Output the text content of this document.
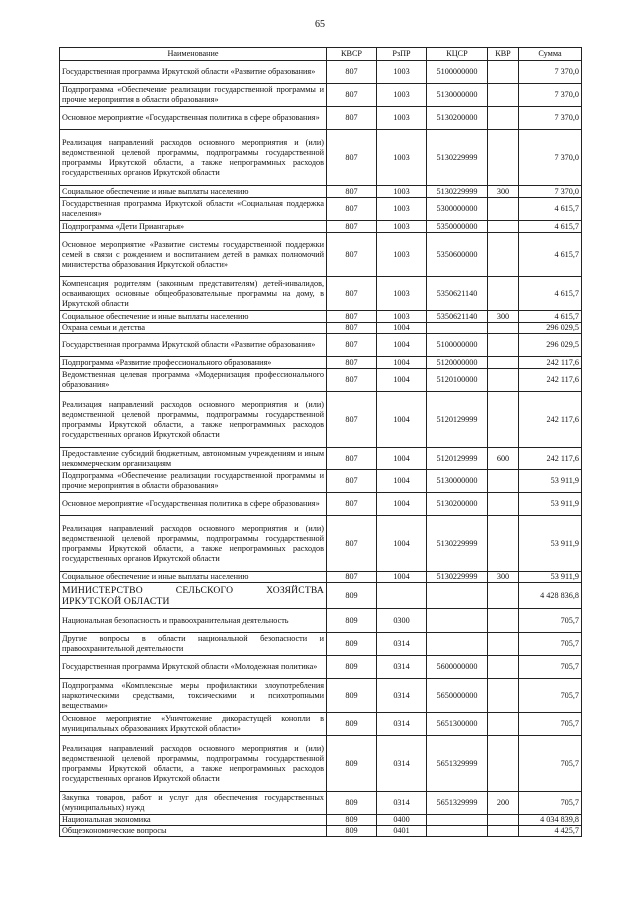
65
Наименование	КВСР	РзПР	КЦСР	КВР	Сумма
Государственная программа Иркутской области «Развитие образования»	807	1003	5100000000		7 370,0
Подпрограмма «Обеспечение реализации государственной программы и прочие мероприятия в области образования»	807	1003	5130000000		7 370,0
Основное мероприятие «Государственная политика в сфере образования»	807	1003	5130200000		7 370,0
Реализация направлений расходов основного мероприятия и (или) ведомственной целевой программы, подпрограммы государственной программы Иркутской области, а также непрограммных расходов государственных органов Иркутской области	807	1003	5130229999		7 370,0
Социальное обеспечение и иные выплаты населению	807	1003	5130229999	300	7 370,0
Государственная программа Иркутской области «Социальная поддержка населения»	807	1003	5300000000		4 615,7
Подпрограмма «Дети Приангарья»	807	1003	5350000000		4 615,7
Основное мероприятие «Развитие системы государственной поддержки семей в связи с рождением и воспитанием детей в рамках полномочий министерства образования Иркутской области»	807	1003	5350600000		4 615,7
Компенсация родителям (законным представителям) детей-инвалидов, осваивающих основные общеобразовательные программы на дому, в Иркутской области	807	1003	5350621140		4 615,7
Социальное обеспечение и иные выплаты населению	807	1003	5350621140	300	4 615,7
Охрана семьи и детства	807	1004			296 029,5
Государственная программа Иркутской области «Развитие образования»	807	1004	5100000000		296 029,5
Подпрограмма «Развитие профессионального образования»	807	1004	5120000000		242 117,6
Ведомственная целевая программа «Модернизация профессионального образования»	807	1004	5120100000		242 117,6
Реализация направлений расходов основного мероприятия и (или) ведомственной целевой программы, подпрограммы государственной программы Иркутской области, а также непрограммных расходов государственных органов Иркутской области	807	1004	5120129999		242 117,6
Предоставление субсидий бюджетным, автономным учреждениям и иным некоммерческим организациям	807	1004	5120129999	600	242 117,6
Подпрограмма «Обеспечение реализации государственной программы и прочие мероприятия в области образования»	807	1004	5130000000		53 911,9
Основное мероприятие «Государственная политика в сфере образования»	807	1004	5130200000		53 911,9
Реализация направлений расходов основного мероприятия и (или) ведомственной целевой программы, подпрограммы государственной программы Иркутской области, а также непрограммных расходов государственных органов Иркутской области	807	1004	5130229999		53 911,9
Социальное обеспечение и иные выплаты населению	807	1004	5130229999	300	53 911,9
МИНИСТЕРСТВО СЕЛЬСКОГО ХОЗЯЙСТВА ИРКУТСКОЙ ОБЛАСТИ	809				4 428 836,8
Национальная безопасность и правоохранительная деятельность	809	0300			705,7
Другие вопросы в области национальной безопасности и правоохранительной деятельности	809	0314			705,7
Государственная программа Иркутской области «Молодежная политика»	809	0314	5600000000		705,7
Подпрограмма «Комплексные меры профилактики злоупотребления наркотическими средствами, токсическими и психотропными веществами»	809	0314	5650000000		705,7
Основное мероприятие «Уничтожение дикорастущей конопли в муниципальных образованиях Иркутской области»	809	0314	5651300000		705,7
Реализация направлений расходов основного мероприятия и (или) ведомственной целевой программы, подпрограммы государственной программы Иркутской области, а также непрограммных расходов государственных органов Иркутской области	809	0314	5651329999		705,7
Закупка товаров, работ и услуг для обеспечения государственных (муниципальных) нужд	809	0314	5651329999	200	705,7
Национальная экономика	809	0400			4 034 839,8
Общеэкономические вопросы	809	0401			4 425,7
